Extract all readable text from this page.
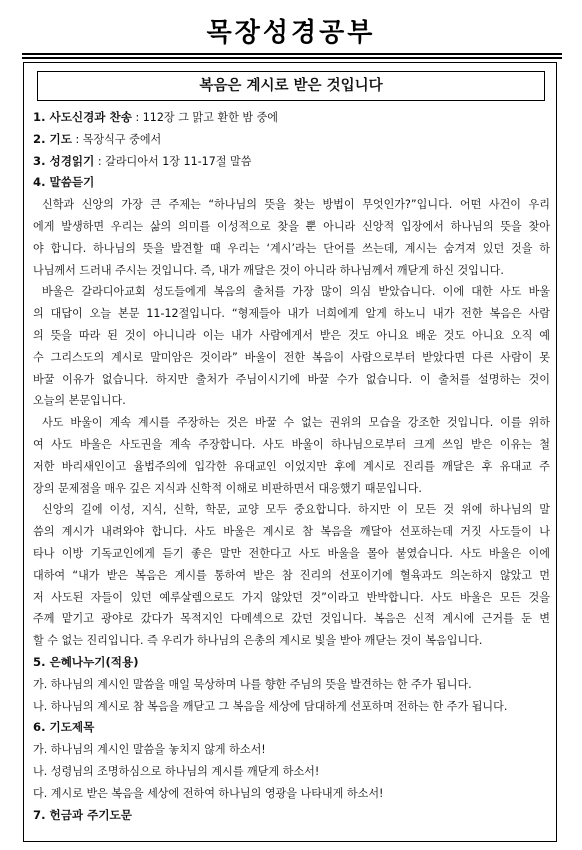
목장성경공부
복음은 계시로 받은 것입니다
1. 사도신경과 찬송 : 112장 그 맑고 환한 밤 중에
2. 기도 : 목장식구 중에서
3. 성경읽기 : 갈라디아서 1장 11-17절 말씀
4. 말씀듣기
신학과 신앙의 가장 큰 주제는 “하나님의 뜻을 찾는 방법이 무엇인가?”입니다. 어떤 사건이 우리
에게 발생하면 우리는 삶의 의미를 이성적으로 찾을 뿐 아니라 신앙적 입장에서 하나님의 뜻을 찾아
야 합니다. 하나님의 뜻을 발견할 때 우리는 ‘계시’라는 단어를 쓰는데, 계시는 숨겨져 있던 것을 하
나님께서 드러내 주시는 것입니다. 즉, 내가 깨달은 것이 아니라 하나님께서 깨닫게 하신 것입니다.
바울은 갈라디아교회 성도들에게 복음의 출처를 가장 많이 의심 받았습니다. 이에 대한 사도 바울
의 대답이 오늘 본문 11-12절입니다. “형제들아 내가 너희에게 알게 하노니 내가 전한 복음은 사람
의 뜻을 따라 된 것이 아니니라 이는 내가 사람에게서 받은 것도 아니요 배운 것도 아니요 오직 예
수 그리스도의 계시로 말미암은 것이라” 바울이 전한 복음이 사람으로부터 받았다면 다른 사람이 못
바꿀 이유가 없습니다. 하지만 출처가 주님이시기에 바꿀 수가 없습니다. 이 출처를 설명하는 것이
오늘의 본문입니다.
사도 바울이 계속 계시를 주장하는 것은 바꿀 수 없는 권위의 모습을 강조한 것입니다. 이를 위하
여 사도 바울은 사도권을 계속 주장합니다. 사도 바울이 하나님으로부터 크게 쓰임 받은 이유는 철
저한 바리새인이고 율법주의에 입각한 유대교인 이었지만 후에 계시로 진리를 깨달은 후 유대교 주
장의 문제점을 매우 깊은 지식과 신학적 이해로 비판하면서 대응했기 때문입니다.
신앙의 길에 이성, 지식, 신학, 학문, 교양 모두 중요합니다. 하지만 이 모든 것 위에 하나님의 말
씀의 계시가 내려와야 합니다. 사도 바울은 계시로 참 복음을 깨달아 선포하는데 거짓 사도들이 나
타나 이방 기독교인에게 듣기 좋은 말만 전한다고 사도 바울을 몰아 붙였습니다. 사도 바울은 이에
대하여 “내가 받은 복음은 계시를 통하여 받은 참 진리의 선포이기에 혈육과도 의논하지 않았고 먼
저 사도된 자들이 있던 예루살렘으로도 가지 않았던 것”이라고 반박합니다. 사도 바울은 모든 것을
주께 맡기고 광야로 갔다가 목적지인 다메섹으로 갔던 것입니다. 복음은 신적 계시에 근거를 둔 변
할 수 없는 진리입니다. 즉 우리가 하나님의 은총의 계시로 빛을 받아 깨닫는 것이 복음입니다.
5. 은혜나누기(적용)
가. 하나님의 계시인 말씀을 매일 묵상하며 나를 향한 주님의 뜻을 발견하는 한 주가 됩니다.
나. 하나님의 계시로 참 복음을 깨닫고 그 복음을 세상에 담대하게 선포하며 전하는 한 주가 됩니다.
6. 기도제목
가. 하나님의 계시인 말씀을 놓치지 않게 하소서!
나. 성령님의 조명하심으로 하나님의 계시를 깨닫게 하소서!
다. 계시로 받은 복음을 세상에 전하여 하나님의 영광을 나타내게 하소서!
7. 헌금과 주기도문
